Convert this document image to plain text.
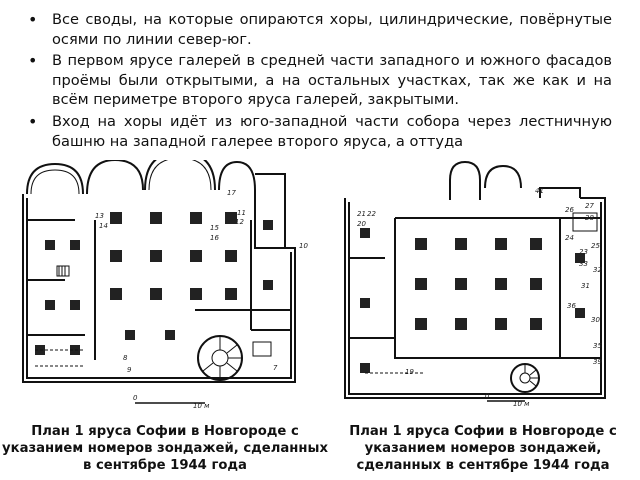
• Все своды, на которые опираются хоры, цилиндрические, повёрнутые осями по линии север-юг.
• В первом ярусе галерей в средней части западного и южного фасадов проёмы были открытыми, а на остальных участках, так же как и на всём периметре второго яруса галерей, закрытыми.
• Вход на хоры идёт из юго-западной части собора через лестничную башню на западной галерее второго яруса, а оттуда
17
13
14	15
16
11
12
10
8
9	7
0
10 м
41
21 22
20
26 27
28
24
25
23
33
32
31
36
30
35
39
19
0
10 м
План 1 яруса Софии в Новгороде с указанием номеров зондажей, сделанных в сентябре 1944 года
План 1 яруса Софии в Новгороде с указанием номеров зондажей, сделанных в сентябре 1944 года
